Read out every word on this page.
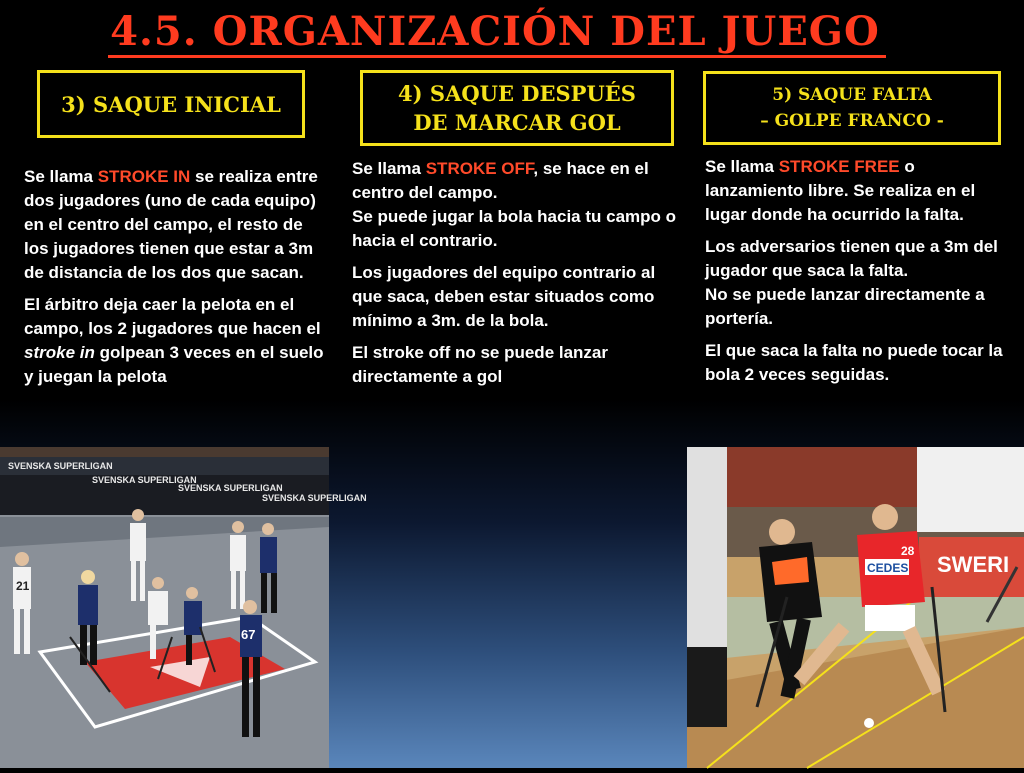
4.5. ORGANIZACIÓN DEL JUEGO
3) SAQUE INICIAL	4) SAQUE DESPUÉS
DE MARCAR GOL
5) SAQUE FALTA
– GOLPE FRANCO -

Se llama STROKE IN se realiza entre dos jugadores (uno de cada equipo) en el centro del campo, el resto de los jugadores tienen que estar a 3m de distancia de los dos que sacan.

El árbitro deja caer la pelota en el campo, los 2 jugadores que hacen el stroke in golpean 3 veces en el suelo y juegan la pelota

Se llama STROKE OFF, se hace en el centro del campo.
Se puede jugar la bola hacia tu campo o hacia el contrario.

Los jugadores del equipo contrario al que saca, deben estar situados como mínimo a 3m. de la bola.

El stroke off no se puede lanzar directamente a gol

Se llama STROKE FREE o lanzamiento libre. Se realiza en el lugar donde ha ocurrido la falta.

Los adversarios tienen que a 3m del jugador que saca la falta.
No se puede lanzar directamente a portería.

El que saca la falta no puede tocar la bola 2 veces seguidas.

SVENSKA SUPERLIGAN
SVENSKA SUPERLIGAN
SVENSKA SUPERLIGAN
SVENSKA SUPERLIGAN
21
67
SWERI
CEDES
28
